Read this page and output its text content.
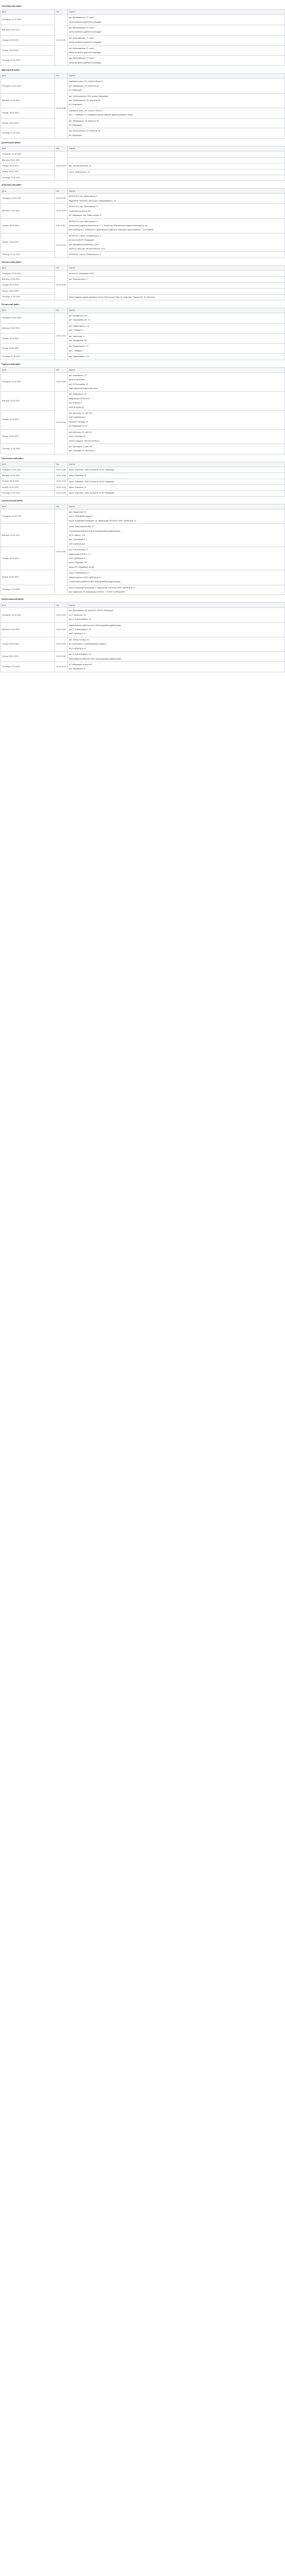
Голосіївський район
Дата	Час	Адреса
Понеділок, 01.02.2020	11:00-14:00	вул. Васильківська, 27, корп.1
Центр активного довголіття громадян

Вівторок, 04.02.2020		вул. Васильківська, 27, корп.1
Центр активного довголіття громадян

Середа, 05.02.2020		вул. Васильківська, 27, корп.1
Центр активного довголіття громадян

Четвер, 06.02.2020		вул. Васильківська, 27, корп.1
Центр активного довголіття громадян

П'ятниця, 07.02.2020		вул. Васильківська, 27, корп.1
Центр активного довголіття громадян
Дарницький район
Дата	Час	Адреса
Понеділок, 03.02.2020	10:00-14:00	Харківське шосе, 121, аптека «Ліола-С»
вул. Вербицького, 18, аптека № 63
КП «Фармація»

Вівторок, 04.02.2020		вул. Срібнокільська, 20-В, аптека «Фармація»
вул. Бориспільська, 34, аптека № 98
КП «Фармація»

Середа, 05.02.2020		Харківське шосе, 121, аптека «Ліола-С»
вул. С. Олійника, 21, Управління (центр) надання адміністративних послуг

Четвер, 06.02.2020		вул. Вербицького, 18, аптека № 63
КП «Фармація»

П'ятниця, 07.02.2020		вул. Бориспільська, 34, аптека № 98
КП «Фармація»
Деснянський район
Дата	Час	Адреса
Понеділок, 03.02.2020	10:00-14:00	-

Вівторок, 04.02.2020		-

Середа, 05.02.2020		вул. Шолом-Алейхема, 18

Четвер, 06.02.2020		просп. Маяковського, 73

П'ятниця, 07.02.2020		-
Дніпровський район
Дата	Час	Адреса
Понеділок, 03.02.2020	10:00-14:00	КЗПСМ № 6, вул. Ярославська, 8
Відділення Поштового вагону вул. Первомайського, 10

Вівторок, 04.02.2020	10:00-14:00	КЗПСМ № 6, вул. Ярославська, 8
Поліклініка аптека № 109
КП «Фармація», вул. Райси Окіпної, 8

Середа, 05.02.2020	9:00-11:00	КЗПСМ № 6, вул. Ярославська, 8
Центральна районна бібліотека ім. П. Г. Тичини вул. Митрополита Андрея Шептицького, 3а
КНП ЦПМСД № 1, ЦПМСД № 1 Дніпровського району м. Києва вул. Курнатовського, 7 (3-й поверх)

Четвер, 06.02.2020	11:00-14:00	КЗПСМ № 7, просп. Лобановського, 2
Аптека №105 КП «Фармація»
вул. Русанівська набережна, 24/31
ФАРБІ № 46/а, вул. Митрополитська, 15-А

П'ятниця, 07.02.2020		КЗПСМ № 7, просп. Лобановського, 2
Оболонський район
Дата	Час	Адреса
Понеділок, 03.02.2020	10:00-14:00	Аптека КП «Фармація» №110

Вівторок, 04.02.2020		вул. Рокосовського, 4

Середа, 05.02.2020		-

Четвер, 06.02.2020		-

П'ятниця, 07.02.2020		Центр надання адміністративних послуг Оболонської РДА в м. Києві (вул. Тимошенка, 16, Оболонь)
Печерський район
Дата	Час	Адреса
Понеділок, 03.02.2020	10:00-14:00	вул. Цитадельна, 5/9
вул. Первомайського, 10

Вівторок, 04.02.2020		вул. Підвисоцького, 4-А
вул. Г. Майдан, 2

Середа, 05.02.2020		вул. Мечникова, 8
вул. Цитадельна, 5/9

Четвер, 06.02.2020		вул. Підвисоцького, 13
вул. Г. Майдан, 2

П'ятниця, 07.02.2020		вул. Підвисоцького, 4-А
Подільський район
Дата	Час	Адреса
Понеділок, 03.02.2020	10:00-14:00	вул. Копилівська, 17
Дитяча поліклініка
вул. Ю. Бєстужева, 32
Територіальний соціальний центр

Вівторок, 04.02.2020	10:00-14:00	вул. Копилівська, 30
Амбулаторія ЗПСМ № 8
вул. Косенка, 9
АЗПСМ ЦПМСД 1

Середа, 05.02.2020		вул. Волоська, 47, каб. 322
КНП «ЦПМСД №1»
Проспект Свободи, 22
КП «Фармація» № 19

Четвер, 06.02.2020		вул. Волоська, 47, каб.113
просп. Свободи, 22
аналог повідомл. АЗПСМ ЦПМСД 4

П'ятниця, 07.02.2020		вул. Мостицька, 9, каб. 350
вул. Полякова, 37, АЗПСМ № 1
Святошинський район
Дата	Час	Адреса
Понеділок, 03.02.2020	10:00-14:00	просп. Перемоги, 148/3, Аптека № 78 КП «Фармація»

Вівторок, 04.02.2020	10:00-14:00	просп. Перемоги, 97

Середа, 05.02.2020	10:00-14:00	просп. Перемоги, 148/3, Аптека № 78 КП «Фармація»

Четвер, 06.02.2020	10:00-14:00	просп. Перемоги, 97

П'ятниця, 07.02.2020	10:00-14:00	просп. Перемоги, 148/3, Аптека № 78 КП «Фармація»
Солом'янський район
Дата	Час	Адреса
Понеділок, 03.02.2020	10:00-14:00	вул. Гвардійська, 31
просп. Любомира Гузара, 8
просп. Космонавта Комарова, 16, амбулаторія ЗПСМ № 2 КНП «ЦПМСД № 2»

Вівторок, 04.02.2020		просп. Повітрофлотський, 41
Солом'янська районна в місті Києві державна адміністрація
б-р В. Гавела, 71-Б
вул. Солом'янська, 3
КНП «ЦПМСД №2»

Середа, 05.02.2020		вул. Солом'янська, 17
амбулаторія ЗПСМ 1, 2, 3
КНП «ЦПМСД № 2»
просп. Перемоги, 4/6
аптека КП «Фармація» №155

Четвер, 06.02.2020		просп. Лобановського, 2
амбулаторія № 4 КНП «ЦПМСД № 2»
Солом'янська районна в місті Києві державна адміністрація

П'ятниця, 07.02.2020		просп. Космонавта Комарова, 2, амбулаторія ЗПСМ № 5 КНП «ЦПМСД № 2»
вул. Кривоноса, 14, амбулаторія ЗПСМ 6, 7, 8 КНП «ЦПМСД №2»
Шевченківський район
Дата	Час	Адреса
Понеділок, 03.02.2020	10:00-14:00	вул. Дегтярівська, 60, аптека № 130 КП «Фармація»
б-р Т. Шевченка, 28
вул. Б. Хмельницького, 24

Вівторок, 04.02.2020	10:00-14:00	Шевченківська районна в місті Києві державна адміністрація
вул. Б. Хмельницького, 24
КНП «ЦПМСД № 1»

Середа, 05.02.2020	10:00-14:00	вул. Олеся Гончара, 50
КП «ЦПМСД № 1» Шевченківського району
КНП «ЦПМСД № 1»

Четвер, 06.02.2020	10:00-14:00	вул. Б. Хмельницького, 24
Шевченківська районна в місті Києві державна адміністрація

П'ятниця, 07.02.2020	10:00-14:00	КП «Фармація» аптека № 1
вул. Жилянська, 14
